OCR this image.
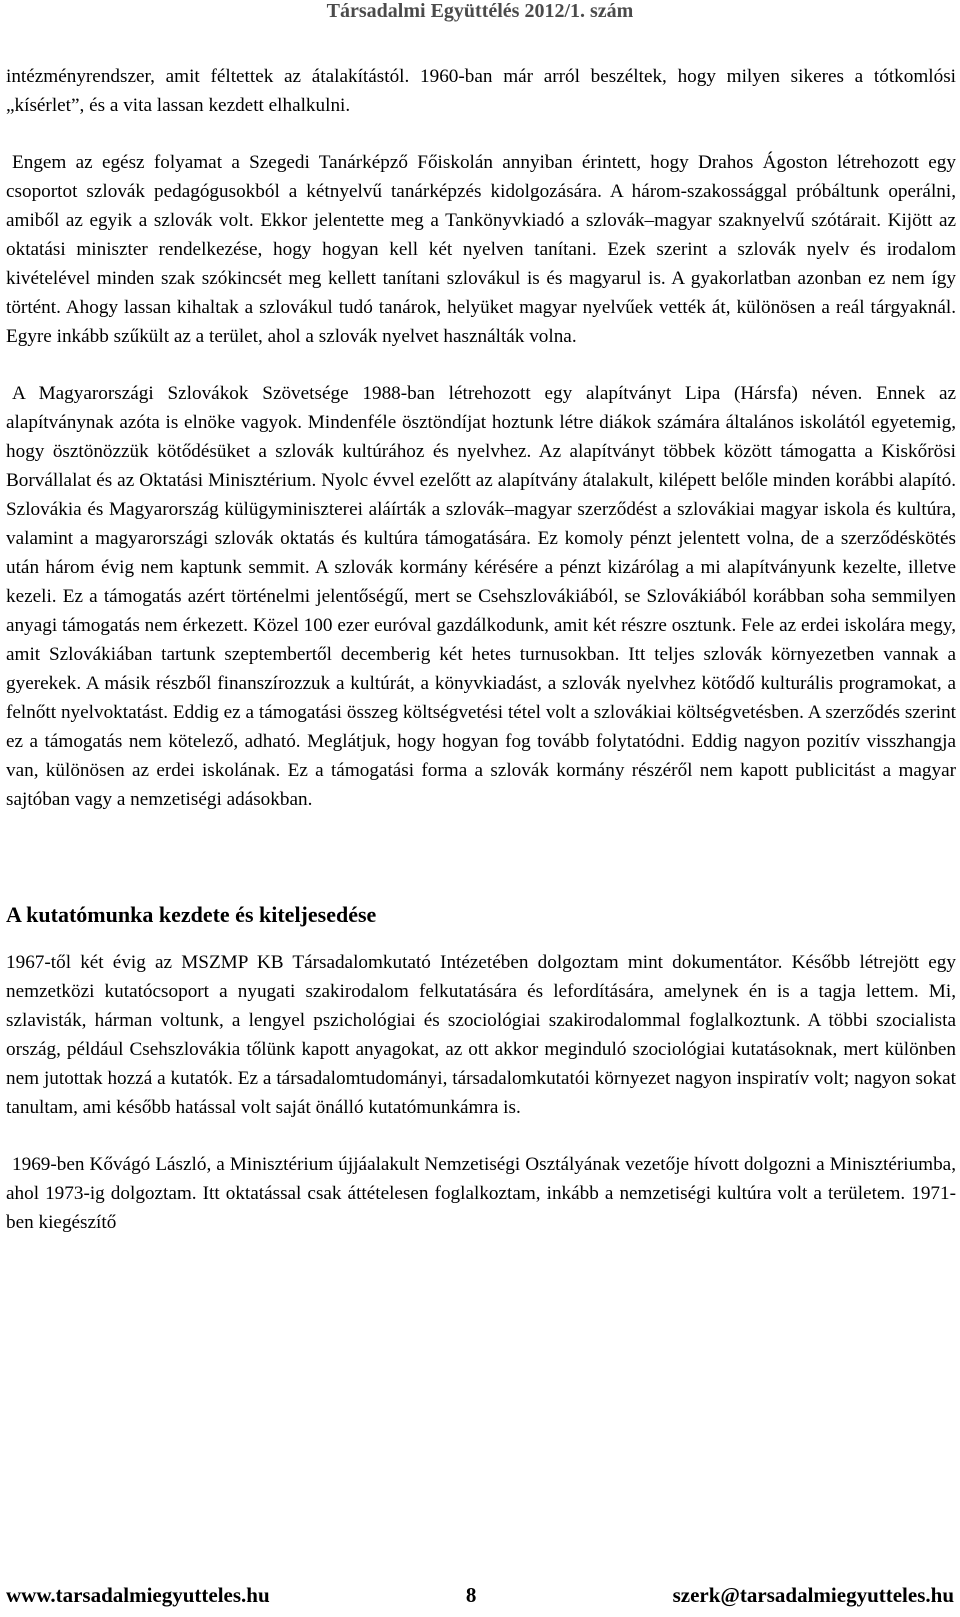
Társadalmi Együttélés 2012/1. szám

intézményrendszer, amit féltettek az átalakítástól. 1960-ban már arról beszéltek, hogy milyen sikeres a tótkomlósi „kísérlet”, és a vita lassan kezdett elhalkulni.

Engem az egész folyamat a Szegedi Tanárképző Főiskolán annyiban érintett, hogy Drahos Ágoston létrehozott egy csoportot szlovák pedagógusokból a kétnyelvű tanárképzés kidolgozására. A három-szakossággal próbáltunk operálni, amiből az egyik a szlovák volt. Ekkor jelentette meg a Tankönyvkiadó a szlovák–magyar szaknyelvű szótárait. Kijött az oktatási miniszter rendelkezése, hogy hogyan kell két nyelven tanítani. Ezek szerint a szlovák nyelv és irodalom kivételével minden szak szókincsét meg kellett tanítani szlovákul is és magyarul is. A gyakorlatban azonban ez nem így történt. Ahogy lassan kihaltak a szlovákul tudó tanárok, helyüket magyar nyelvűek vették át, különösen a reál tárgyaknál. Egyre inkább szűkült az a terület, ahol a szlovák nyelvet használták volna.

A Magyarországi Szlovákok Szövetsége 1988-ban létrehozott egy alapítványt Lipa (Hársfa) néven. Ennek az alapítványnak azóta is elnöke vagyok. Mindenféle ösztöndíjat hoztunk létre diákok számára általános iskolától egyetemig, hogy ösztönözzük kötődésüket a szlovák kultúrához és nyelvhez. Az alapítványt többek között támogatta a Kiskőrösi Borvállalat és az Oktatási Minisztérium. Nyolc évvel ezelőtt az alapítvány átalakult, kilépett belőle minden korábbi alapító. Szlovákia és Magyarország külügyminiszterei aláírták a szlovák–magyar szerződést a szlovákiai magyar iskola és kultúra, valamint a magyarországi szlovák oktatás és kultúra támogatására. Ez komoly pénzt jelentett volna, de a szerződéskötés után három évig nem kaptunk semmit. A szlovák kormány kérésére a pénzt kizárólag a mi alapítványunk kezelte, illetve kezeli. Ez a támogatás azért történelmi jelentőségű, mert se Csehszlovákiából, se Szlovákiából korábban soha semmilyen anyagi támogatás nem érkezett. Közel 100 ezer euróval gazdálkodunk, amit két részre osztunk. Fele az erdei iskolára megy, amit Szlovákiában tartunk szeptembertől decemberig két hetes turnusokban. Itt teljes szlovák környezetben vannak a gyerekek. A másik részből finanszírozzuk a kultúrát, a könyvkiadást, a szlovák nyelvhez kötődő kulturális programokat, a felnőtt nyelvoktatást. Eddig ez a támogatási összeg költségvetési tétel volt a szlovákiai költségvetésben. A szerződés szerint ez a támogatás nem kötelező, adható. Meglátjuk, hogy hogyan fog tovább folytatódni. Eddig nagyon pozitív visszhangja van, különösen az erdei iskolának. Ez a támogatási forma a szlovák kormány részéről nem kapott publicitást a magyar sajtóban vagy a nemzetiségi adásokban.

A kutatómunka kezdete és kiteljesedése

1967-től két évig az MSZMP KB Társadalomkutató Intézetében dolgoztam mint dokumentátor. Később létrejött egy nemzetközi kutatócsoport a nyugati szakirodalom felkutatására és lefordítására, amelynek én is a tagja lettem. Mi, szlavisták, hárman voltunk, a lengyel pszichológiai és szociológiai szakirodalommal foglalkoztunk. A többi szocialista ország, például Csehszlovákia tőlünk kapott anyagokat, az ott akkor meginduló szociológiai kutatásoknak, mert különben nem jutottak hozzá a kutatók. Ez a társadalomtudományi, társadalomkutatói környezet nagyon inspiratív volt; nagyon sokat tanultam, ami később hatással volt saját önálló kutatómunkámra is.

1969-ben Kővágó László, a Minisztérium újjáalakult Nemzetiségi Osztályának vezetője hívott dolgozni a Minisztériumba, ahol 1973-ig dolgoztam. Itt oktatással csak áttételesen foglalkoztam, inkább a nemzetiségi kultúra volt a területem. 1971-ben kiegészítő

www.tarsadalmiegyutteles.hu	8	szerk@tarsadalmiegyutteles.hu
